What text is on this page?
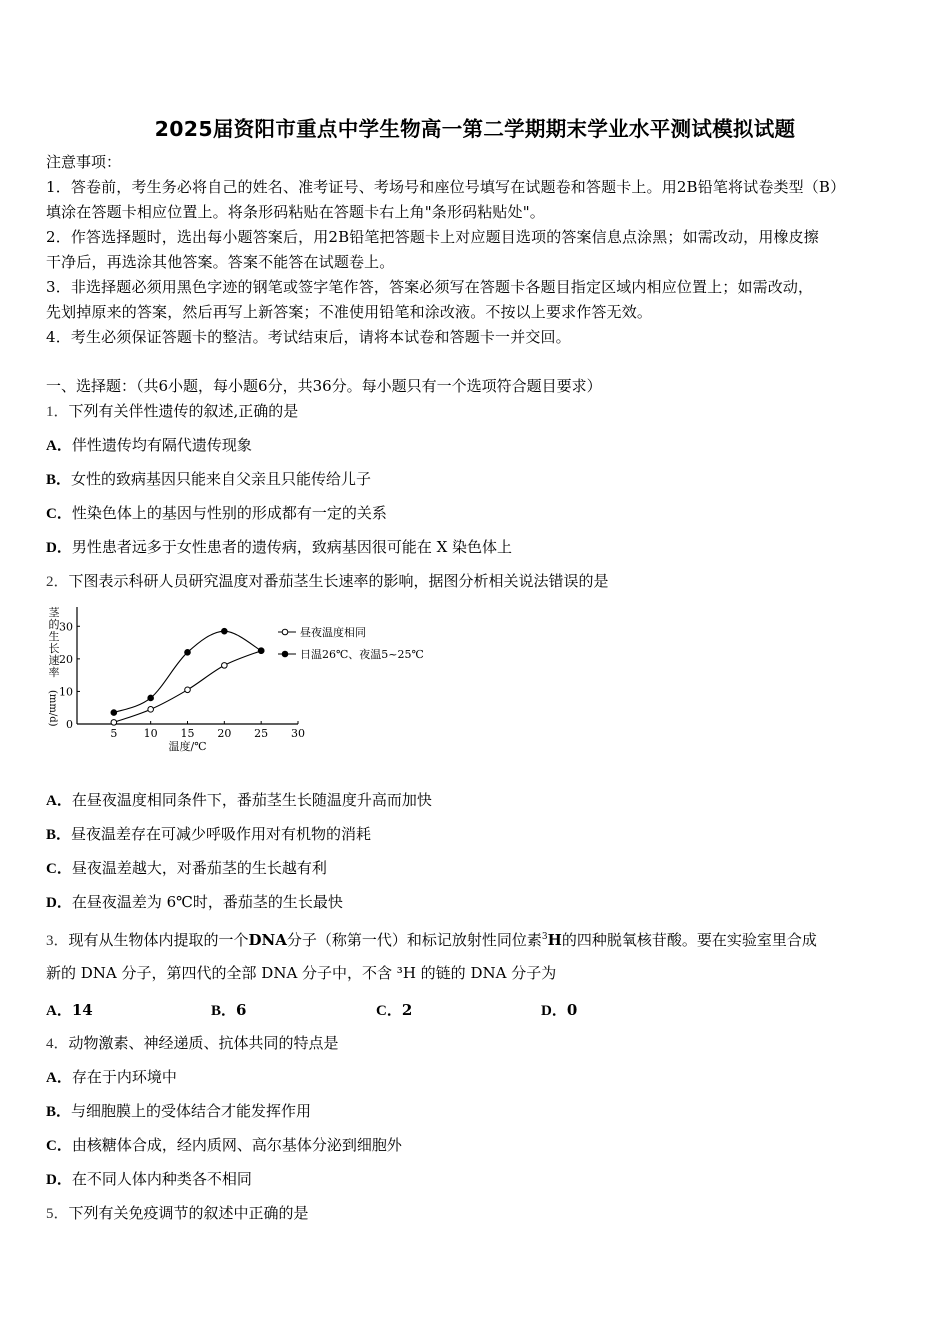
2025届资阳市重点中学生物高一第二学期期末学业水平测试模拟试题
注意事项：
1．答卷前，考生务必将自己的姓名、准考证号、考场号和座位号填写在试题卷和答题卡上。用2B铅笔将试卷类型（B）
填涂在答题卡相应位置上。将条形码粘贴在答题卡右上角"条形码粘贴处"。
2．作答选择题时，选出每小题答案后，用2B铅笔把答题卡上对应题目选项的答案信息点涂黑；如需改动，用橡皮擦
干净后，再选涂其他答案。答案不能答在试题卷上。
3．非选择题必须用黑色字迹的钢笔或签字笔作答，答案必须写在答题卡各题目指定区域内相应位置上；如需改动，
先划掉原来的答案，然后再写上新答案；不准使用铅笔和涂改液。不按以上要求作答无效。
4．考生必须保证答题卡的整洁。考试结束后，请将本试卷和答题卡一并交回。
一、选择题：（共6小题，每小题6分，共36分。每小题只有一个选项符合题目要求）
1．下列有关伴性遗传的叙述,正确的是
A．伴性遗传均有隔代遗传现象
B．女性的致病基因只能来自父亲且只能传给儿子
C．性染色体上的基因与性别的形成都有一定的关系
D．男性患者远多于女性患者的遗传病，致病基因很可能在 X 染色体上
2．下图表示科研人员研究温度对番茄茎生长速率的影响，据图分析相关说法错误的是
茎的生长速率
(mm/d)
温度/℃
5 10 15 20 25 30
0
10
20
30	昼夜温度相同
日温26℃、夜温5~25℃
A．在昼夜温度相同条件下，番茄茎生长随温度升高而加快
B．昼夜温差存在可减少呼吸作用对有机物的消耗
C．昼夜温差越大，对番茄茎的生长越有利
D．在昼夜温差为 6℃时，番茄茎的生长最快
3．现有从生物体内提取的一个DNA分子（称第一代）和标记放射性同位素$^3$H的四种脱氧核苷酸。要在实验室里合成
新的 DNA 分子，第四代的全部 DNA 分子中，不含 ³H 的链的 DNA 分子为
A．14	B．6	C．2	D．0
4．动物激素、神经递质、抗体共同的特点是
A．存在于内环境中
B．与细胞膜上的受体结合才能发挥作用
C．由核糖体合成，经内质网、高尔基体分泌到细胞外
D．在不同人体内种类各不相同
5．下列有关免疫调节的叙述中正确的是
